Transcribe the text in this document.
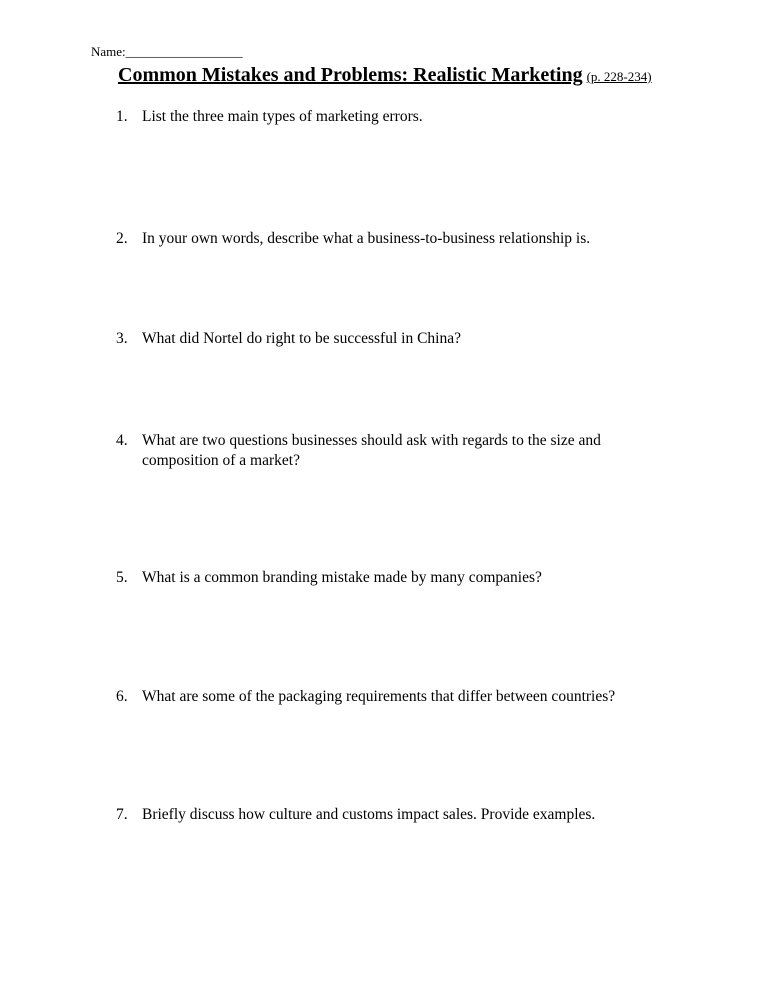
Name:__________________
Common Mistakes and Problems: Realistic Marketing (p. 228-234)
1. List the three main types of marketing errors.
2. In your own words, describe what a business-to-business relationship is.
3. What did Nortel do right to be successful in China?
4. What are two questions businesses should ask with regards to the size and composition of a market?
5. What is a common branding mistake made by many companies?
6. What are some of the packaging requirements that differ between countries?
7. Briefly discuss how culture and customs impact sales. Provide examples.
